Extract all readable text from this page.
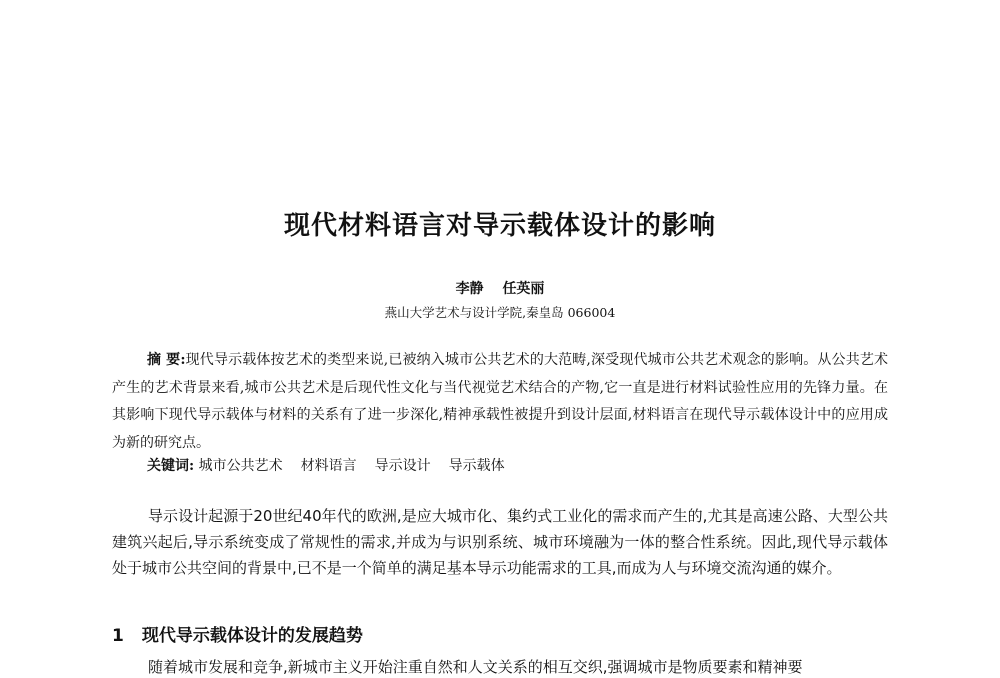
现代材料语言对导示载体设计的影响
李静 任英丽
燕山大学艺术与设计学院,秦皇岛 066004
摘 要:现代导示载体按艺术的类型来说,已被纳入城市公共艺术的大范畴,深受现代城市公共艺术观念的影响。从公共艺术产生的艺术背景来看,城市公共艺术是后现代性文化与当代视觉艺术结合的产物,它一直是进行材料试验性应用的先锋力量。在其影响下现代导示载体与材料的关系有了进一步深化,精神承载性被提升到设计层面,材料语言在现代导示载体设计中的应用成为新的研究点。
关键词: 城市公共艺术 材料语言 导示设计 导示载体
导示设计起源于20世纪40年代的欧洲,是应大城市化、集约式工业化的需求而产生的,尤其是高速公路、大型公共建筑兴起后,导示系统变成了常规性的需求,并成为与识别系统、城市环境融为一体的整合性系统。因此,现代导示载体处于城市公共空间的背景中,已不是一个简单的满足基本导示功能需求的工具,而成为人与环境交流沟通的媒介。
1 现代导示载体设计的发展趋势
随着城市发展和竞争,新城市主义开始注重自然和人文关系的相互交织,强调城市是物质要素和精神要
